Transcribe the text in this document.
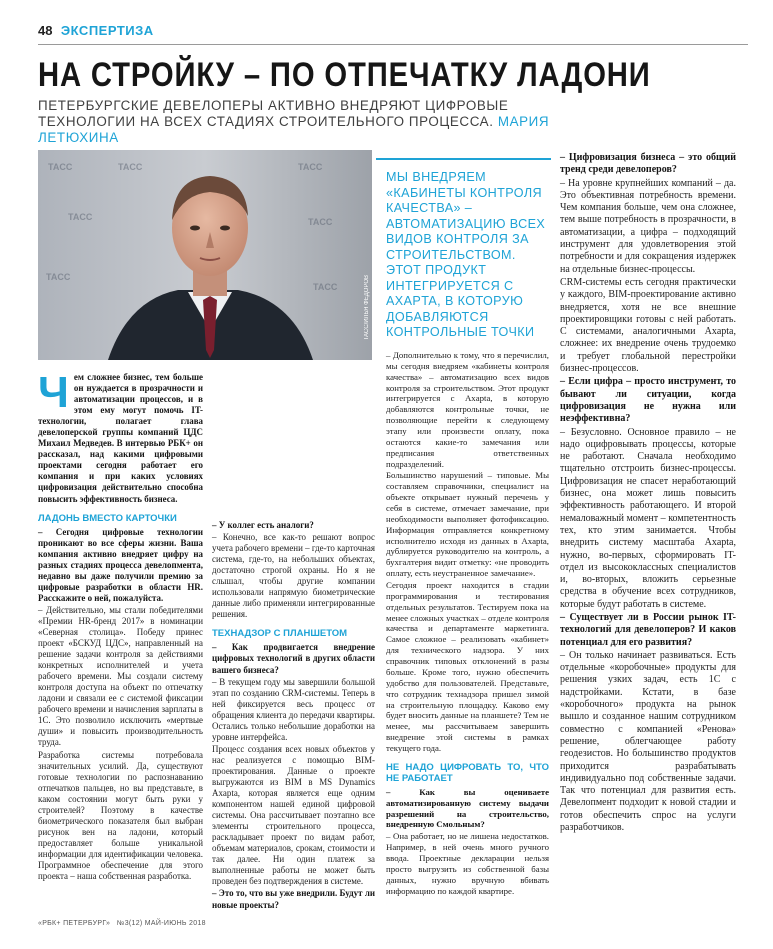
48 ЭКСПЕРТИЗА
НА СТРОЙКУ – ПО ОТПЕЧАТКУ ЛАДОНИ
ПЕТЕРБУРГСКИЕ ДЕВЕЛОПЕРЫ АКТИВНО ВНЕДРЯЮТ ЦИФРОВЫЕ ТЕХНОЛОГИИ НА ВСЕХ СТАДИЯХ СТРОИТЕЛЬНОГО ПРОЦЕССА. МАРИЯ ЛЕТЮХИНА
TACC	TACC	TACC
TACC	TACC
TACC
TACC	ТАСС/ИЛЬЯ ФЕДОРОВ
МЫ ВНЕДРЯЕМ «КАБИНЕТЫ КОНТРОЛЯ КАЧЕСТВА» – АВТОМАТИЗАЦИЮ ВСЕХ ВИДОВ КОНТРОЛЯ ЗА СТРОИТЕЛЬСТВОМ. ЭТОТ ПРОДУКТ ИНТЕГРИРУЕТСЯ С AXAPTA, В КОТОРУЮ ДОБАВЛЯЮТСЯ КОНТРОЛЬНЫЕ ТОЧКИ

Чем сложнее бизнес, тем больше он нуждается в прозрачности и автоматизации процессов, и в этом ему могут помочь IT-технологии, полагает глава девелоперской группы компаний ЦДС Михаил Медведев. В интервью РБК+ он рассказал, над какими цифровыми проектами сегодня работает его компания и при каких условиях цифровизация действительно способна повысить эффективность бизнеса.

ЛАДОНЬ ВМЕСТО КАРТОЧКИ

– Сегодня цифровые технологии проникают во все сферы жизни. Ваша компания активно внедряет цифру на разных стадиях процесса девелопмента, недавно вы даже получили премию за цифровые разработки в области HR. Расскажите о ней, пожалуйста.

– Действительно, мы стали победителями «Премии HR-бренд 2017» в номинации «Северная столица». Победу принес проект «БСКУД ЦДС», направленный на решение задачи контроля за действиями конкретных исполнителей и учета рабочего времени. Мы создали систему контроля доступа на объект по отпечатку ладони и связали ее с системой фиксации рабочего времени и начисления зарплаты в 1С. Это позволило исключить «мертвые души» и повысить производительность труда.

Разработка системы потребовала значительных усилий. Да, существуют готовые технологии по распознаванию отпечатков пальцев, но вы представьте, в каком состоянии могут быть руки у строителей? Поэтому в качестве биометрического показателя был выбран рисунок вен на ладони, который предоставляет больше уникальной информации для идентификации человека. Программное обеспечение для этого проекта – наша собственная разработка.

– У коллег есть аналоги?

– Конечно, все как-то решают вопрос учета рабочего времени – где-то карточная система, где-то, на небольших объектах, достаточно строгой охраны. Но я не слышал, чтобы другие компании использовали напрямую биометрические данные либо применяли интегрированные решения.

ТЕХНАДЗОР С ПЛАНШЕТОМ

– Как продвигается внедрение цифровых технологий в других области вашего бизнеса?

– В текущем году мы завершили большой этап по созданию CRM-системы. Теперь в ней фиксируется весь процесс от обращения клиента до передачи квартиры. Остались только небольшие доработки на уровне интерфейса.

Процесс создания всех новых объектов у нас реализуется с помощью BIM-проектирования. Данные о проекте выгружаются из BIM в MS Dynamics Axapta, которая является еще одним компонентом нашей единой цифровой системы. Она рассчитывает поэтапно все элементы строительного процесса, раскладывает проект по видам работ, объемам материалов, срокам, стоимости и так далее. Ни один платеж за выполненные работы не может быть проведен без подтверждения в системе.

– Это то, что вы уже внедрили. Будут ли новые проекты?

– Дополнительно к тому, что я перечислил, мы сегодня внедряем «кабинеты контроля качества» – автоматизацию всех видов контроля за строительством. Этот продукт интегрируется с Axapta, в которую добавляются контрольные точки, не позволяющие перейти к следующему этапу или произвести оплату, пока остаются какие-то замечания или предписания ответственных подразделений.

Большинство нарушений – типовые. Мы составляем справочники, специалист на объекте открывает нужный перечень у себя в системе, отмечает замечание, при необходимости выполняет фотофиксацию. Информация отправляется конкретному исполнителю исходя из данных в Axapta, дублируется руководителю на контроль, а бухгалтерия видит отметку: «не проводить оплату, есть неустраненное замечание».

Сегодня проект находится в стадии программирования и тестирования отдельных результатов. Тестируем пока на менее сложных участках – отделе контроля качества и департаменте маркетинга. Самое сложное – реализовать «кабинет» для технического надзора. У них справочник типовых отклонений в разы больше. Кроме того, нужно обеспечить удобство для пользователей. Представьте, что сотрудник технадзора пришел зимой на строительную площадку. Каково ему будет вносить данные на планшете? Тем не менее, мы рассчитываем завершить внедрение этой системы в рамках текущего года.

НЕ НАДО ЦИФРОВАТЬ ТО, ЧТО НЕ РАБОТАЕТ

– Как вы оцениваете автоматизированную систему выдачи разрешений на строительство, внедренную Смольным?

– Она работает, но не лишена недостатков. Например, в ней очень много ручного ввода. Проектные декларации нельзя просто выгрузить из собственной базы данных, нужно вручную вбивать информацию по каждой квартире.

– Цифровизация бизнеса – это общий тренд среди девелоперов?

– На уровне крупнейших компаний – да. Это объективная потребность времени. Чем компания больше, чем она сложнее, тем выше потребность в прозрачности, в автоматизации, а цифра – подходящий инструмент для удовлетворения этой потребности и для сокращения издержек на отдельные бизнес-процессы.

CRM-системы есть сегодня практически у каждого, BIM-проектирование активно внедряется, хотя не все внешние проектировщики готовы с ней работать. С системами, аналогичными Axapta, сложнее: их внедрение очень трудоемко и требует глобальной перестройки бизнес-процессов.

– Если цифра – просто инструмент, то бывают ли ситуации, когда цифровизация не нужна или неэффективна?

– Безусловно. Основное правило – не надо оцифровывать процессы, которые не работают. Сначала необходимо тщательно отстроить бизнес-процессы. Цифровизация не спасет неработающий бизнес, она может лишь повысить эффективность работающего. И второй немаловажный момент – компетентность тех, кто этим занимается. Чтобы внедрить систему масштаба Axapta, нужно, во-первых, сформировать IT-отдел из высококлассных специалистов и, во-вторых, вложить серьезные средства в обучение всех сотрудников, которые будут работать в системе.

– Существует ли в России рынок IT-технологий для девелоперов? И каков потенциал для его развития?

– Он только начинает развиваться. Есть отдельные «коробочные» продукты для решения узких задач, есть 1С с надстройками. Кстати, в базе «коробочного» продукта на рынок вышло и созданное нашим сотрудником совместно с компанией «Ренова» решение, облегчающее работу геодезистов. Но большинство продуктов приходится разрабатывать индивидуально под собственные задачи. Так что потенциал для развития есть. Девелопмент подходит к новой стадии и готов обеспечить спрос на услуги разработчиков.

«РБК+ ПЕТЕРБУРГ» №3(12) МАЙ-ИЮНЬ 2018
